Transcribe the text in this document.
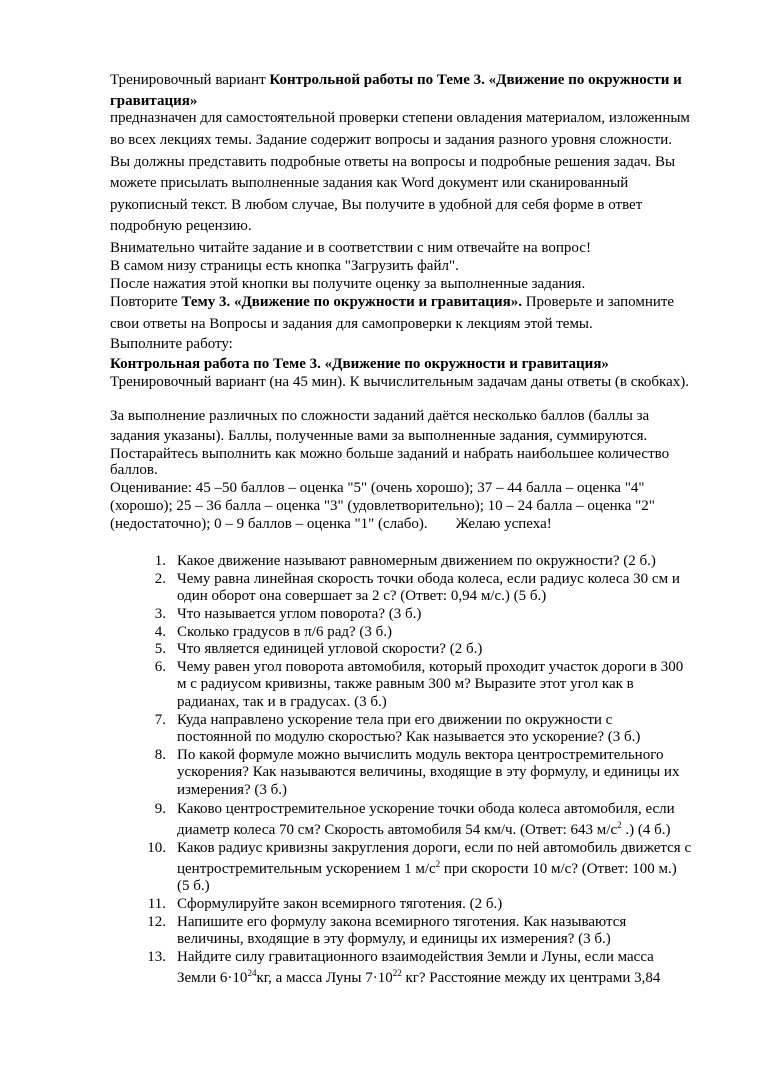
Тренировочный вариант Контрольной работы по Теме 3. «Движение по окружности и
гравитация»
предназначен для самостоятельной проверки степени овладения материалом, изложенным
во всех лекциях темы. Задание содержит вопросы и задания разного уровня сложности.
Вы должны представить подробные ответы на вопросы и подробные решения задач. Вы
можете присылать выполненные задания как Word документ или сканированный
рукописный текст. В любом случае, Вы получите в удобной для себя форме в ответ
подробную рецензию.
Внимательно читайте задание и в соответствии с ним отвечайте на вопрос!
В самом низу страницы есть кнопка "Загрузить файл".
После нажатия этой кнопки вы получите оценку за выполненные задания.
Повторите Тему 3. «Движение по окружности и гравитация». Проверьте и запомните
свои ответы на Вопросы и задания для самопроверки к лекциям этой темы.
Выполните работу:
Контрольная работа по Теме 3. «Движение по окружности и гравитация»
Тренировочный вариант (на 45 мин). К вычислительным задачам даны ответы (в скобках).
За выполнение различных по сложности заданий даётся несколько баллов (баллы за
задания указаны). Баллы, полученные вами за выполненные задания, суммируются.
Постарайтесь выполнить как можно больше заданий и набрать наибольшее количество
баллов.
Оценивание: 45 –50 баллов – оценка "5" (очень хорошо); 37 – 44 балла – оценка "4"
(хорошо); 25 – 36 балла – оценка "3" (удовлетворительно); 10 – 24 балла – оценка "2"
(недостаточно); 0 – 9 баллов – оценка "1" (слабо). Желаю успеха!
1. Какое движение называют равномерным движением по окружности? (2 б.)
2. Чему равна линейная скорость точки обода колеса, если радиус колеса 30 см и
один оборот она совершает за 2 с? (Ответ: 0,94 м/с.) (5 б.)
3. Что называется углом поворота? (3 б.)
4. Сколько градусов в π/6 рад? (3 б.)
5. Что является единицей угловой скорости? (2 б.)
6. Чему равен угол поворота автомобиля, который проходит участок дороги в 300
м с радиусом кривизны, также равным 300 м? Выразите этот угол как в
радианах, так и в градусах. (3 б.)
7. Куда направлено ускорение тела при его движении по окружности с
постоянной по модулю скоростью? Как называется это ускорение? (3 б.)
8. По какой формуле можно вычислить модуль вектора центростремительного
ускорения? Как называются величины, входящие в эту формулу, и единицы их
измерения? (3 б.)
9. Каково центростремительное ускорение точки обода колеса автомобиля, если
диаметр колеса 70 см? Скорость автомобиля 54 км/ч. (Ответ: 643 $м/с^2$ .) (4 б.)
10. Каков радиус кривизны закругления дороги, если по ней автомобиль движется с
центростремительным ускорением 1 $м/с^2$ при скорости 10 м/с? (Ответ: 100 м.)
(5 б.)
11. Сформулируйте закон всемирного тяготения. (2 б.)
12. Напишите его формулу закона всемирного тяготения. Как называются
величины, входящие в эту формулу, и единицы их измерения? (3 б.)
13. Найдите силу гравитационного взаимодействия Земли и Луны, если масса
Земли $6\cdot 10^{24}кг$, а масса Луны $7\cdot 10^{22}$ кг? Расстояние между их центрами 3,84
